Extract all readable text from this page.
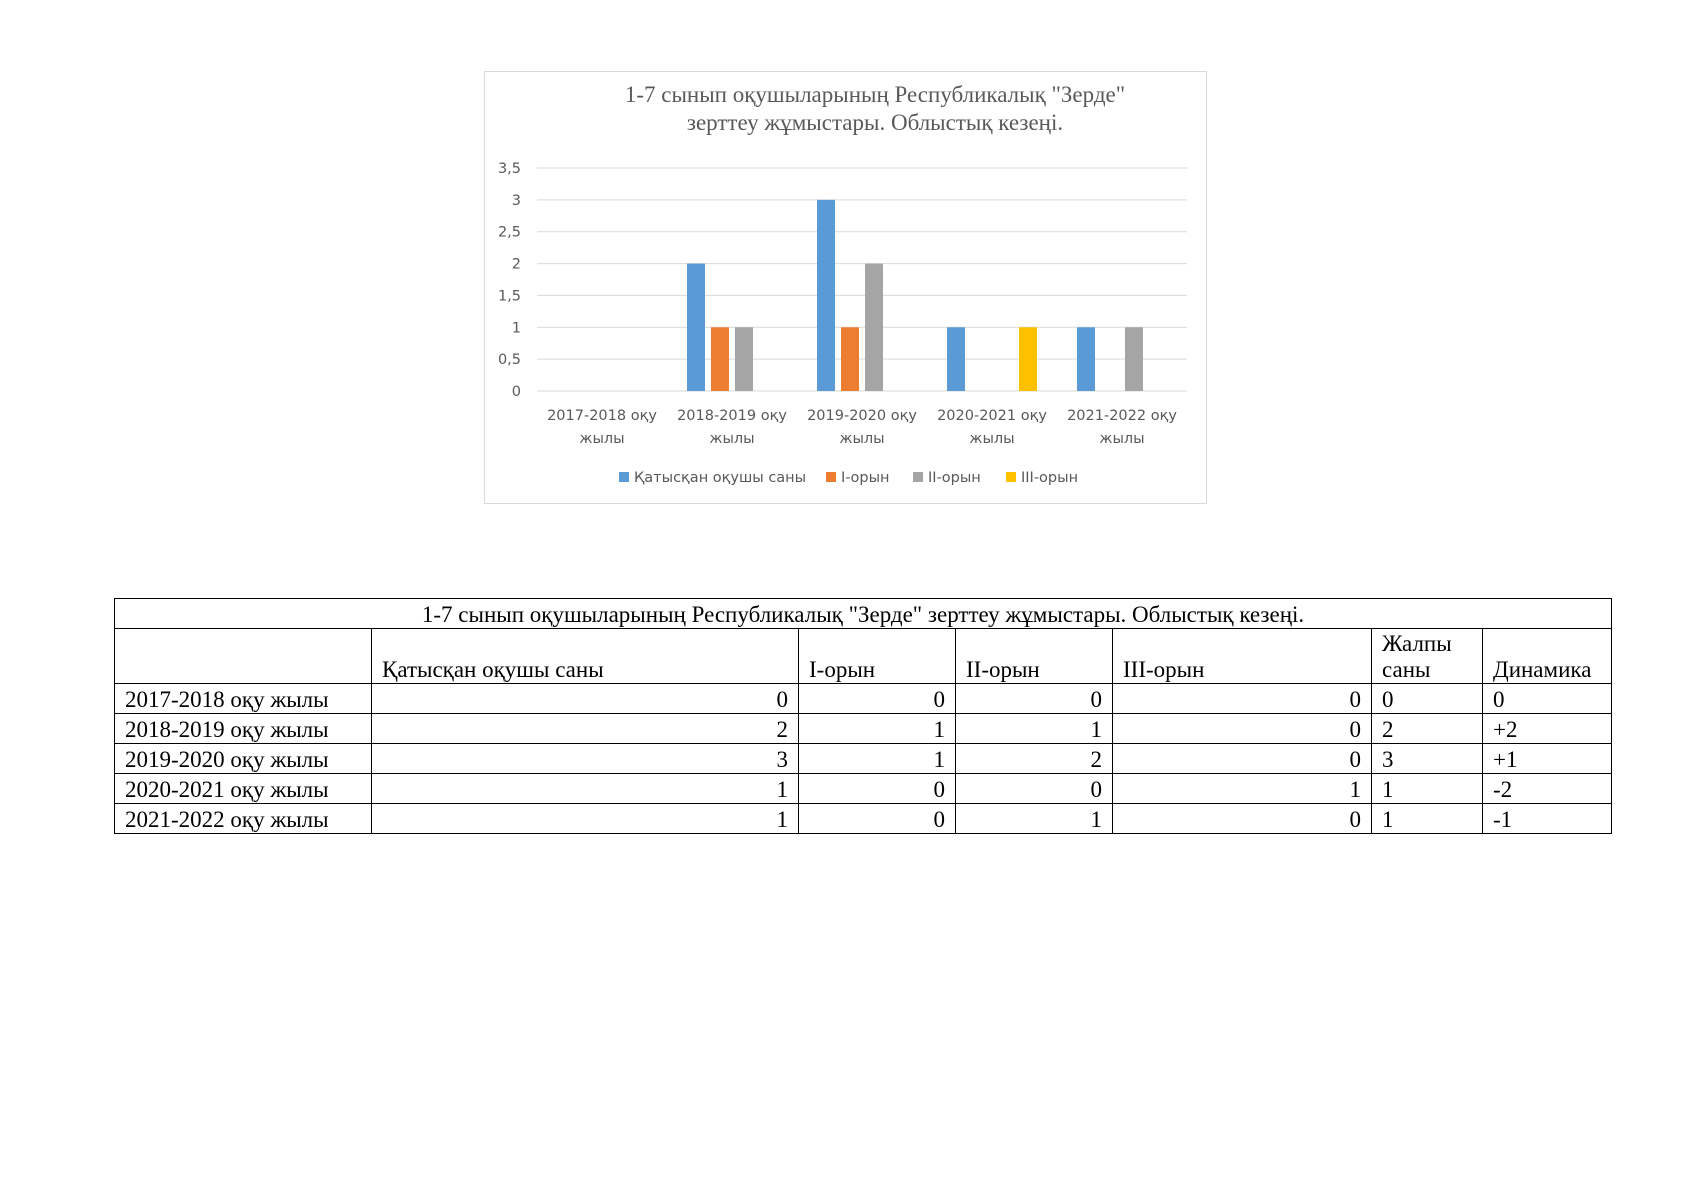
1-7 сынып оқушыларының Республикалық "Зерде"
зерттеу жұмыстары. Облыстық кезеңі.
0
0,5
1
1,5
2
2,5
3
3,5
2017-2018 оқу
жылы
2018-2019 оқу
жылы
2019-2020 оқу
жылы
2020-2021 оқу
жылы
2021-2022 оқу
жылы
Қатысқан оқушы саны I-орын	II-орын	III-орын
1-7 сынып оқушыларының Республикалық "Зерде" зерттеу жұмыстары. Облыстық кезеңі.						
	Қатысқан оқушы саны	I-орын	II-орын	III-орын	Жалпы саны	Динамика
2017-2018 оқу жылы	0	0	0	0	0	0
2018-2019 оқу жылы	2	1	1	0	2	+2
2019-2020 оқу жылы	3	1	2	0	3	+1
2020-2021 оқу жылы	1	0	0	1	1	-2
2021-2022 оқу жылы	1	0	1	0	1	-1
